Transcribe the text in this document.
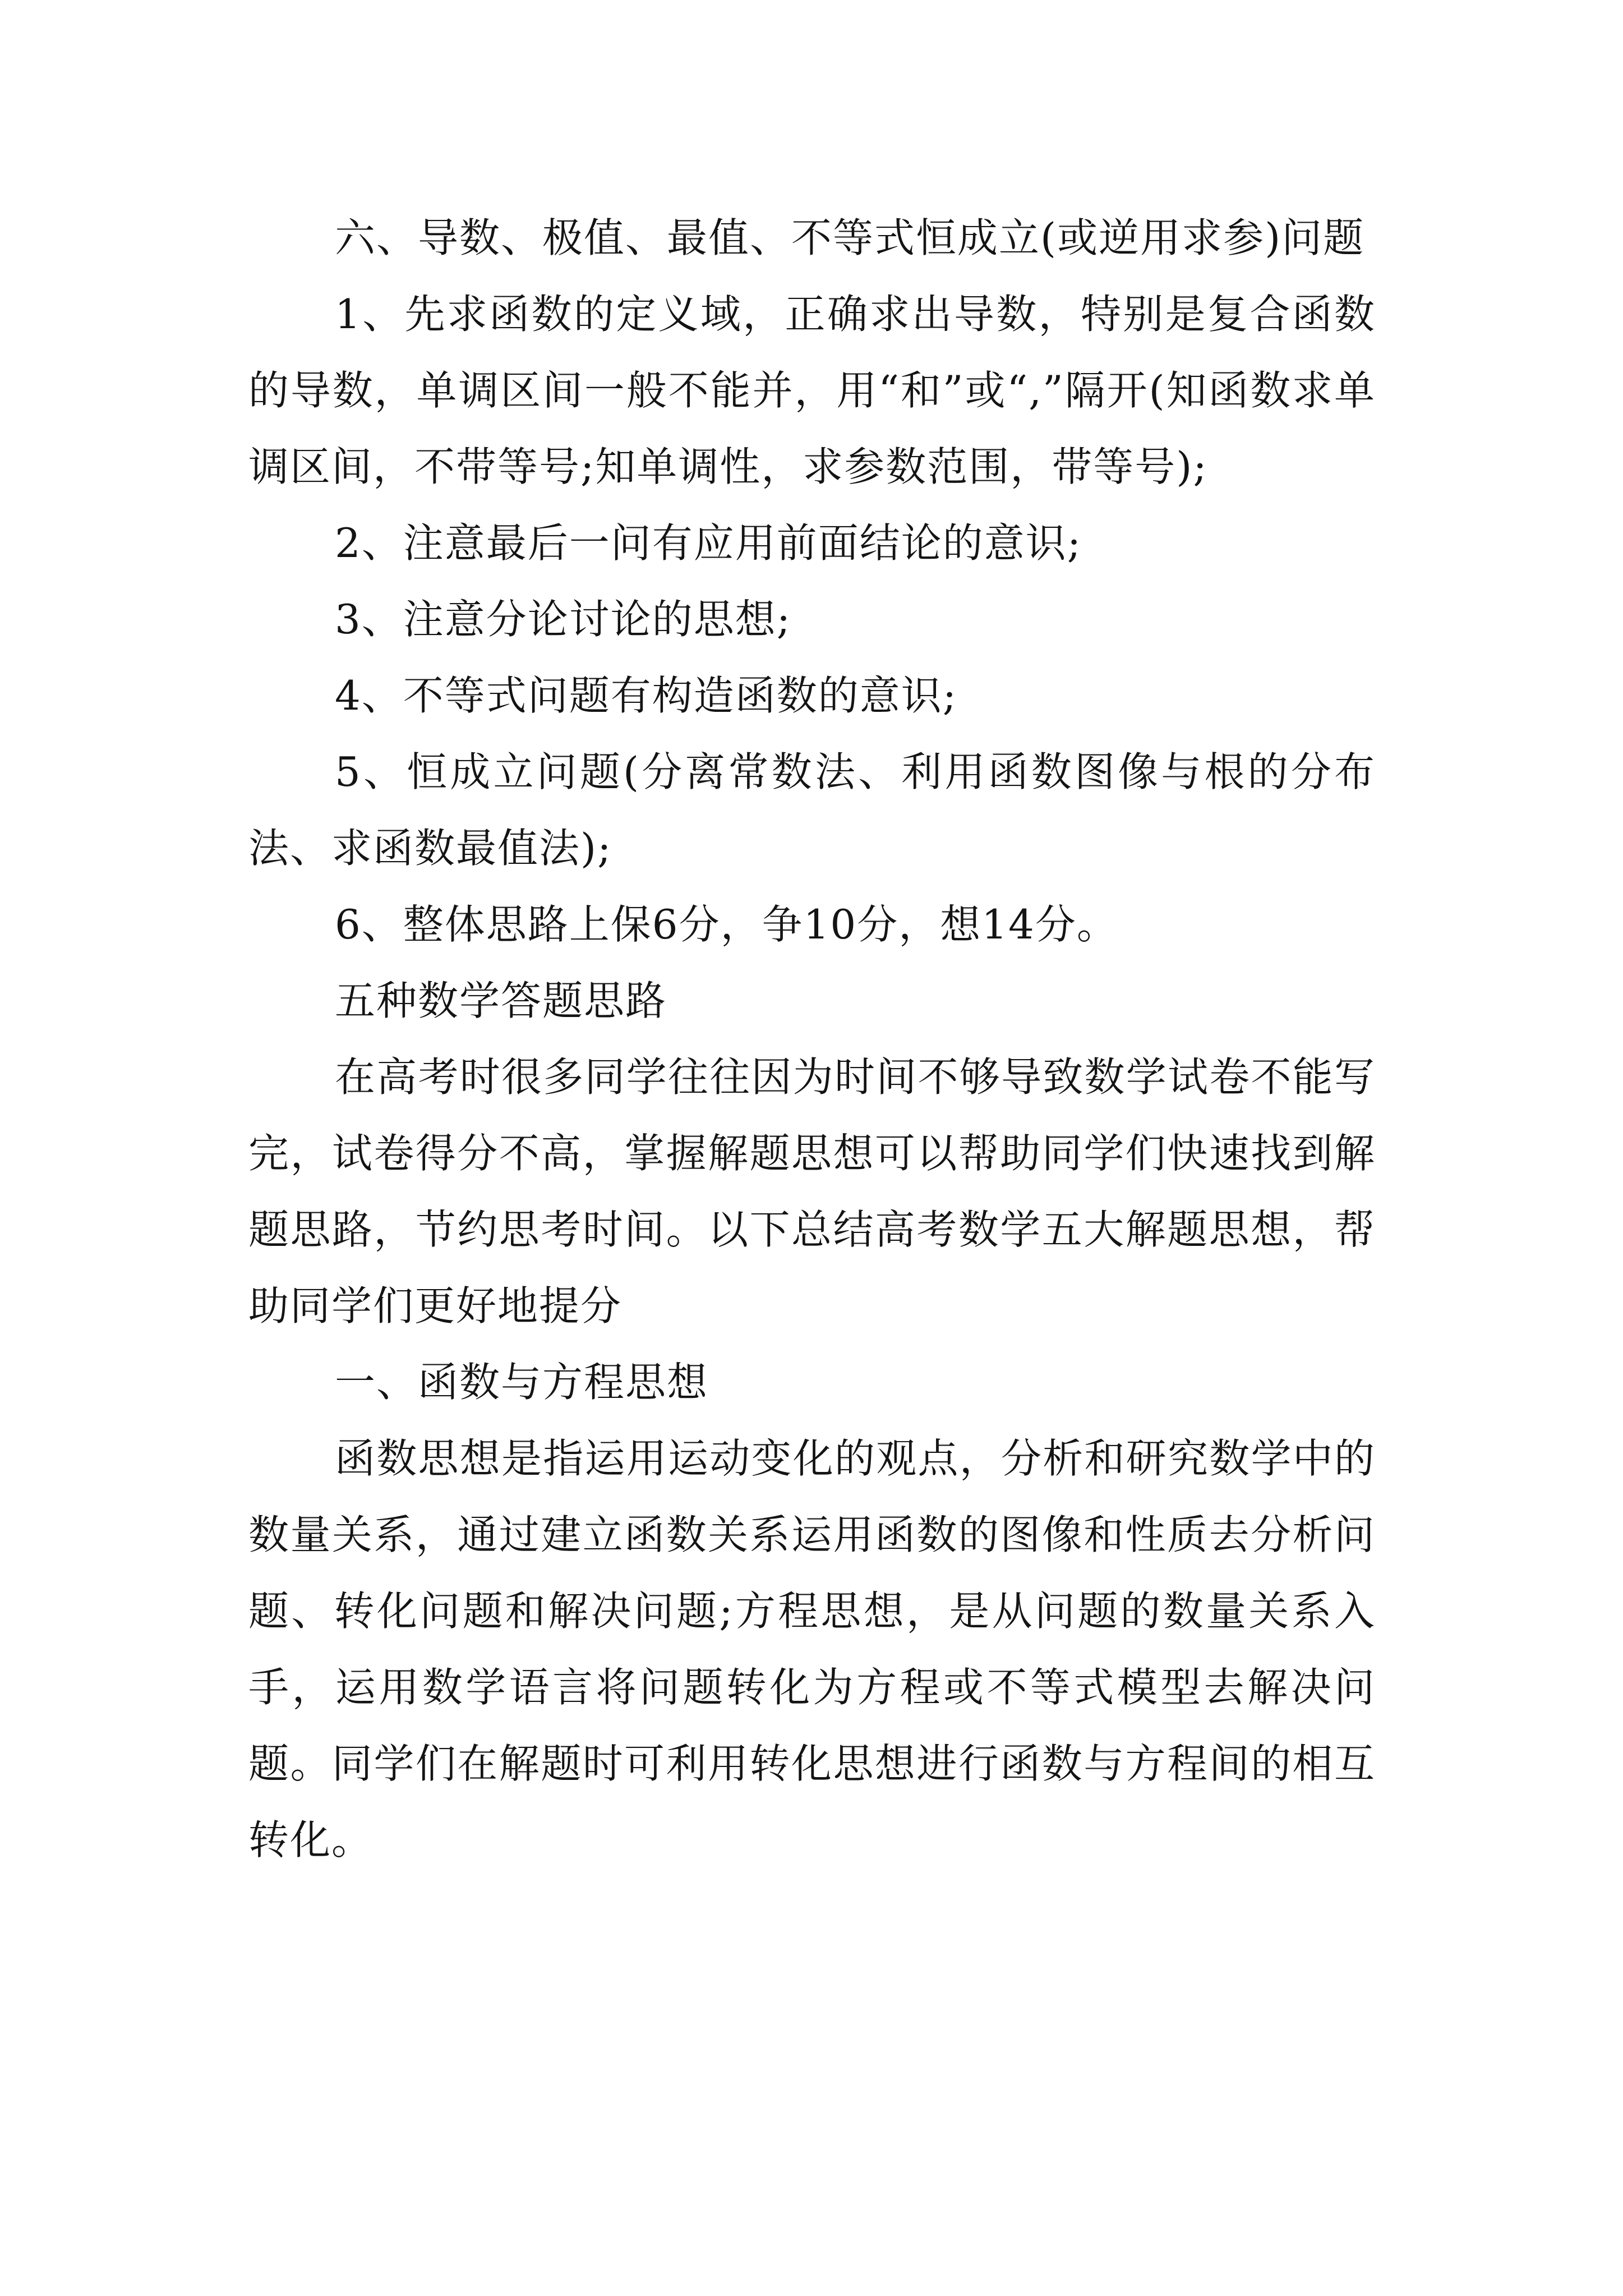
六、导数、极值、最值、不等式恒成立(或逆用求参)问题

1、先求函数的定义域，正确求出导数，特别是复合函数的导数，单调区间一般不能并，用“和”或“,”隔开(知函数求单调区间，不带等号;知单调性，求参数范围，带等号);

2、注意最后一问有应用前面结论的意识;

3、注意分论讨论的思想;

4、不等式问题有构造函数的意识;

5、恒成立问题(分离常数法、利用函数图像与根的分布法、求函数最值法);

6、整体思路上保6分，争10分，想14分。

五种数学答题思路

在高考时很多同学往往因为时间不够导致数学试卷不能写完，试卷得分不高，掌握解题思想可以帮助同学们快速找到解题思路，节约思考时间。以下总结高考数学五大解题思想，帮助同学们更好地提分

一、函数与方程思想

函数思想是指运用运动变化的观点，分析和研究数学中的数量关系，通过建立函数关系运用函数的图像和性质去分析问题、转化问题和解决问题;方程思想，是从问题的数量关系入手，运用数学语言将问题转化为方程或不等式模型去解决问题。同学们在解题时可利用转化思想进行函数与方程间的相互转化。
